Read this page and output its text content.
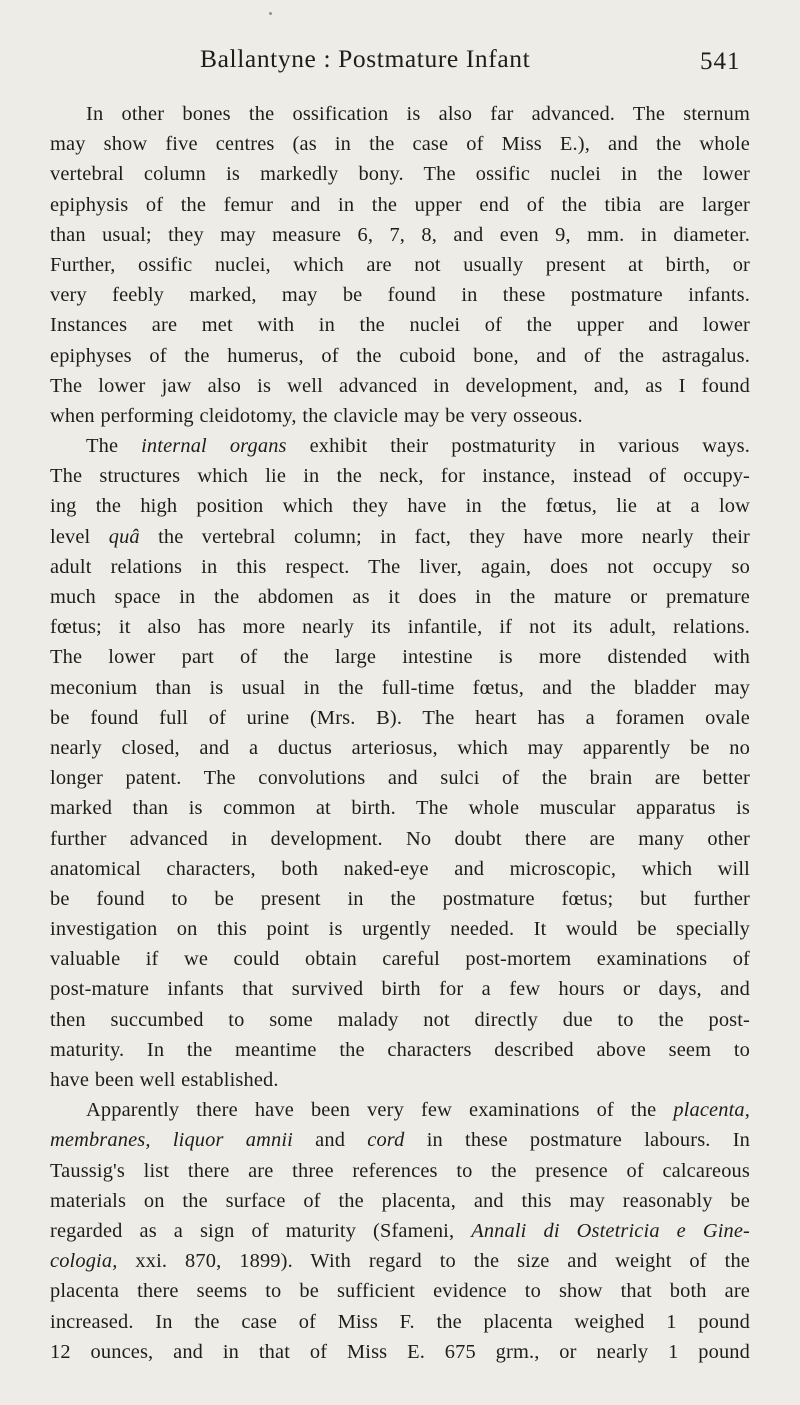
Ballantyne : Postmature Infant	541
In other bones the ossification is also far advanced. The sternum
may show five centres (as in the case of Miss E.), and the whole
vertebral column is markedly bony. The ossific nuclei in the lower
epiphysis of the femur and in the upper end of the tibia are larger
than usual; they may measure 6, 7, 8, and even 9, mm. in diameter.
Further, ossific nuclei, which are not usually present at birth, or
very feebly marked, may be found in these postmature infants.
Instances are met with in the nuclei of the upper and lower
epiphyses of the humerus, of the cuboid bone, and of the astragalus.
The lower jaw also is well advanced in development, and, as I found
when performing cleidotomy, the clavicle may be very osseous.
The internal organs exhibit their postmaturity in various ways.
The structures which lie in the neck, for instance, instead of occupy-
ing the high position which they have in the fœtus, lie at a low
level quâ the vertebral column; in fact, they have more nearly their
adult relations in this respect. The liver, again, does not occupy so
much space in the abdomen as it does in the mature or premature
fœtus; it also has more nearly its infantile, if not its adult, relations.
The lower part of the large intestine is more distended with
meconium than is usual in the full-time fœtus, and the bladder may
be found full of urine (Mrs. B). The heart has a foramen ovale
nearly closed, and a ductus arteriosus, which may apparently be no
longer patent. The convolutions and sulci of the brain are better
marked than is common at birth. The whole muscular apparatus is
further advanced in development. No doubt there are many other
anatomical characters, both naked-eye and microscopic, which will
be found to be present in the postmature fœtus; but further
investigation on this point is urgently needed. It would be specially
valuable if we could obtain careful post-mortem examinations of
post-mature infants that survived birth for a few hours or days, and
then succumbed to some malady not directly due to the post-
maturity. In the meantime the characters described above seem to
have been well established.
Apparently there have been very few examinations of the placenta,
membranes, liquor amnii and cord in these postmature labours. In
Taussig's list there are three references to the presence of calcareous
materials on the surface of the placenta, and this may reasonably be
regarded as a sign of maturity (Sfameni, Annali di Ostetricia e Gine-
cologia, xxi. 870, 1899). With regard to the size and weight of the
placenta there seems to be sufficient evidence to show that both are
increased. In the case of Miss F. the placenta weighed 1 pound
12 ounces, and in that of Miss E. 675 grm., or nearly 1 pound
